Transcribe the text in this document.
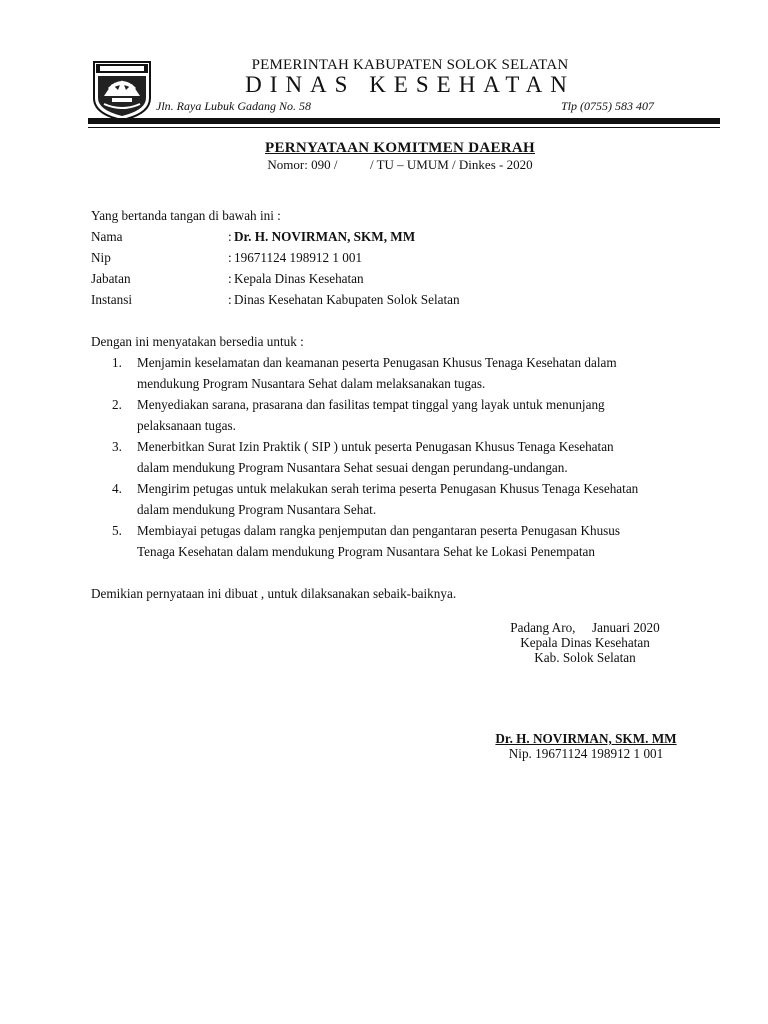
PEMERINTAH KABUPATEN SOLOK SELATAN
DINAS KESEHATAN
Jln. Raya Lubuk Gadang No. 58	Tlp (0755) 583 407
PERNYATAAN KOMITMEN DAERAH
Nomor: 090 /          / TU – UMUM / Dinkes - 2020
Yang bertanda tangan di bawah ini :
Nama	: Dr. H. NOVIRMAN, SKM, MM
Nip	: 19671124 198912 1 001
Jabatan	: Kepala Dinas Kesehatan
Instansi	: Dinas Kesehatan Kabupaten Solok Selatan
Dengan ini menyatakan bersedia untuk :
1.	Menjamin keselamatan dan keamanan peserta Penugasan Khusus Tenaga Kesehatan dalam
mendukung Program Nusantara Sehat dalam melaksanakan tugas.
2.	Menyediakan sarana, prasarana dan fasilitas tempat tinggal yang layak untuk menunjang
pelaksanaan tugas.
3.	Menerbitkan Surat Izin Praktik ( SIP ) untuk peserta Penugasan Khusus Tenaga Kesehatan
dalam mendukung Program Nusantara Sehat sesuai dengan perundang-undangan.
4.	Mengirim petugas untuk melakukan serah terima peserta Penugasan Khusus Tenaga Kesehatan
dalam mendukung Program Nusantara Sehat.
5.	Membiayai petugas dalam rangka penjemputan dan pengantaran peserta Penugasan Khusus
Tenaga Kesehatan dalam mendukung Program Nusantara Sehat ke Lokasi Penempatan
Demikian pernyataan ini dibuat , untuk dilaksanakan sebaik-baiknya.
Padang Aro,     Januari 2020
Kepala Dinas Kesehatan
Kab. Solok Selatan
Dr. H. NOVIRMAN, SKM. MM
Nip. 19671124 198912 1 001
